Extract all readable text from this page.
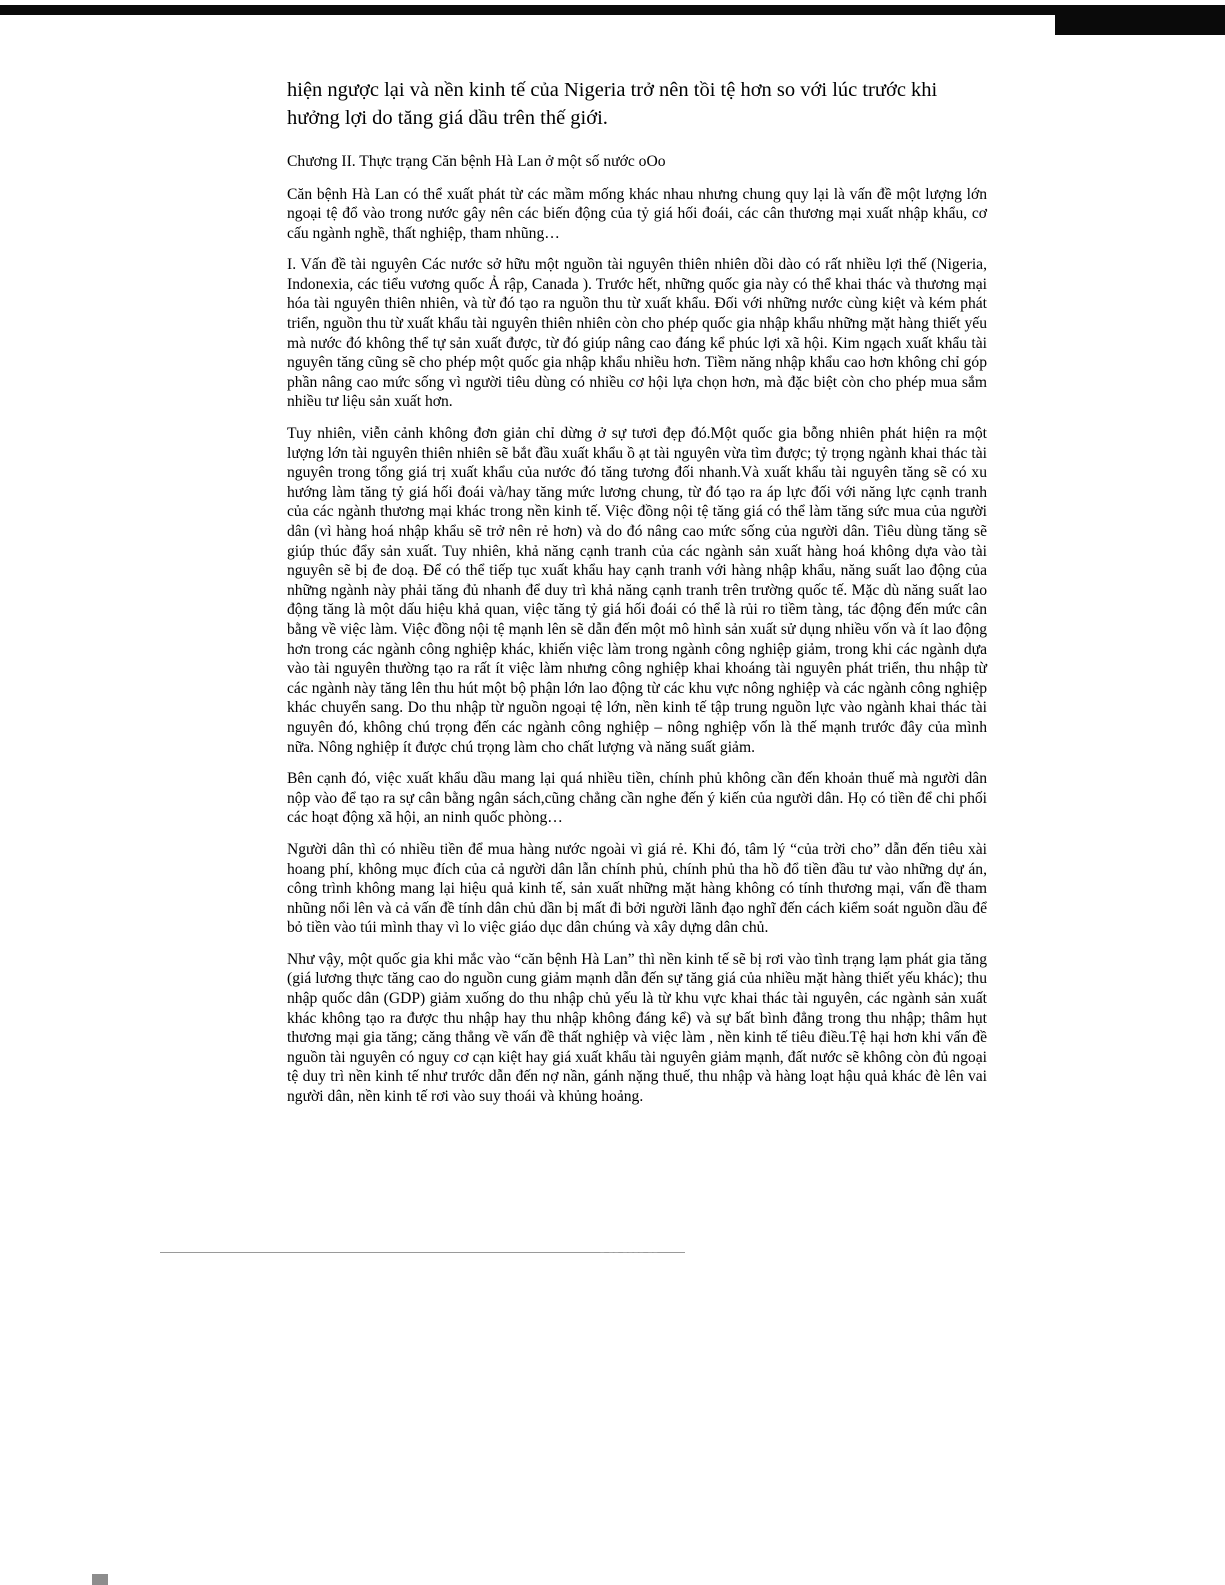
hiện ngược lại và nền kinh tế của Nigeria trở nên tồi tệ hơn so với lúc trước khi hưởng lợi do tăng giá dầu trên thế giới.

Chương II. Thực trạng Căn bệnh Hà Lan ở một số nước oOo

Căn bệnh Hà Lan có thể xuất phát từ các mầm mống khác nhau nhưng chung quy lại là vấn đề một lượng lớn ngoại tệ đổ vào trong nước gây nên các biến động của tỷ giá hối đoái, các cân thương mại xuất nhập khẩu, cơ cấu ngành nghề, thất nghiệp, tham nhũng…

I. Vấn đề tài nguyên Các nước sở hữu một nguồn tài nguyên thiên nhiên dồi dào có rất nhiều lợi thế (Nigeria, Indonexia, các tiểu vương quốc Ả rập, Canada ). Trước hết, những quốc gia này có thể khai thác và thương mại hóa tài nguyên thiên nhiên, và từ đó tạo ra nguồn thu từ xuất khẩu. Đối với những nước cùng kiệt và kém phát triển, nguồn thu từ xuất khẩu tài nguyên thiên nhiên còn cho phép quốc gia nhập khẩu những mặt hàng thiết yếu mà nước đó không thể tự sản xuất được, từ đó giúp nâng cao đáng kể phúc lợi xã hội. Kim ngạch xuất khẩu tài nguyên tăng cũng sẽ cho phép một quốc gia nhập khẩu nhiều hơn. Tiềm năng nhập khẩu cao hơn không chỉ góp phần nâng cao mức sống vì người tiêu dùng có nhiều cơ hội lựa chọn hơn, mà đặc biệt còn cho phép mua sắm nhiều tư liệu sản xuất hơn.

Tuy nhiên, viễn cảnh không đơn giản chỉ dừng ở sự tươi đẹp đó.Một quốc gia bỗng nhiên phát hiện ra một lượng lớn tài nguyên thiên nhiên sẽ bắt đầu xuất khẩu ồ ạt tài nguyên vừa tìm được; tỷ trọng ngành khai thác tài nguyên trong tổng giá trị xuất khẩu của nước đó tăng tương đối nhanh.Và xuất khẩu tài nguyên tăng sẽ có xu hướng làm tăng tỷ giá hối đoái và/hay tăng mức lương chung, từ đó tạo ra áp lực đối với năng lực cạnh tranh của các ngành thương mại khác trong nền kinh tế. Việc đồng nội tệ tăng giá có thể làm tăng sức mua của người dân (vì hàng hoá nhập khẩu sẽ trở nên rẻ hơn) và do đó nâng cao mức sống của người dân. Tiêu dùng tăng sẽ giúp thúc đẩy sản xuất. Tuy nhiên, khả năng cạnh tranh của các ngành sản xuất hàng hoá không dựa vào tài nguyên sẽ bị đe doạ. Để có thể tiếp tục xuất khẩu hay cạnh tranh với hàng nhập khẩu, năng suất lao động của những ngành này phải tăng đủ nhanh để duy trì khả năng cạnh tranh trên trường quốc tế. Mặc dù năng suất lao động tăng là một dấu hiệu khả quan, việc tăng tỷ giá hối đoái có thể là rủi ro tiềm tàng, tác động đến mức cân bằng về việc làm. Việc đồng nội tệ mạnh lên sẽ dẫn đến một mô hình sản xuất sử dụng nhiều vốn và ít lao động hơn trong các ngành công nghiệp khác, khiến việc làm trong ngành công nghiệp giảm, trong khi các ngành dựa vào tài nguyên thường tạo ra rất ít việc làm nhưng công nghiệp khai khoáng tài nguyên phát triển, thu nhập từ các ngành này tăng lên thu hút một bộ phận lớn lao động từ các khu vực nông nghiệp và các ngành công nghiệp khác chuyển sang. Do thu nhập từ nguồn ngoại tệ lớn, nền kinh tế tập trung nguồn lực vào ngành khai thác tài nguyên đó, không chú trọng đến các ngành công nghiệp – nông nghiệp vốn là thế mạnh trước đây của mình nữa. Nông nghiệp ít được chú trọng làm cho chất lượng và năng suất giảm.

Bên cạnh đó, việc xuất khẩu dầu mang lại quá nhiều tiền, chính phủ không cần đến khoản thuế mà người dân nộp vào để tạo ra sự cân bằng ngân sách,cũng chẳng cần nghe đến ý kiến của người dân. Họ có tiền để chi phối các hoạt động xã hội, an ninh quốc phòng…

Người dân thì có nhiều tiền để mua hàng nước ngoài vì giá rẻ. Khi đó, tâm lý “của trời cho” dẫn đến tiêu xài hoang phí, không mục đích của cả người dân lẫn chính phủ, chính phủ tha hồ đổ tiền đầu tư vào những dự án, công trình không mang lại hiệu quả kinh tế, sản xuất những mặt hàng không có tính thương mại, vấn đề tham nhũng nổi lên và cả vấn đề tính dân chủ dần bị mất đi bởi người lãnh đạo nghĩ đến cách kiểm soát nguồn dầu để bỏ tiền vào túi mình thay vì lo việc giáo dục dân chúng và xây dựng dân chủ.

Như vậy, một quốc gia khi mắc vào “căn bệnh Hà Lan” thì nền kinh tế sẽ bị rơi vào tình trạng lạm phát gia tăng (giá lương thực tăng cao do nguồn cung giảm mạnh dẫn đến sự tăng giá của nhiều mặt hàng thiết yếu khác); thu nhập quốc dân (GDP) giảm xuống do thu nhập chủ yếu là từ khu vực khai thác tài nguyên, các ngành sản xuất khác không tạo ra được thu nhập hay thu nhập không đáng kể) và sự bất bình đẳng trong thu nhập; thâm hụt thương mại gia tăng; căng thẳng về vấn đề thất nghiệp và việc làm , nền kinh tế tiêu điều.Tệ hại hơn khi vấn đề nguồn tài nguyên có nguy cơ cạn kiệt hay giá xuất khẩu tài nguyên giảm mạnh, đất nước sẽ không còn đủ ngoại tệ duy trì nền kinh tế như trước dẫn đến nợ nần, gánh nặng thuế, thu nhập và hàng loạt hậu quả khác đè lên vai người dân, nền kinh tế rơi vào suy thoái và khủng hoảng.

‒ ‒‒ ‒‒‒‒ ‒‒
